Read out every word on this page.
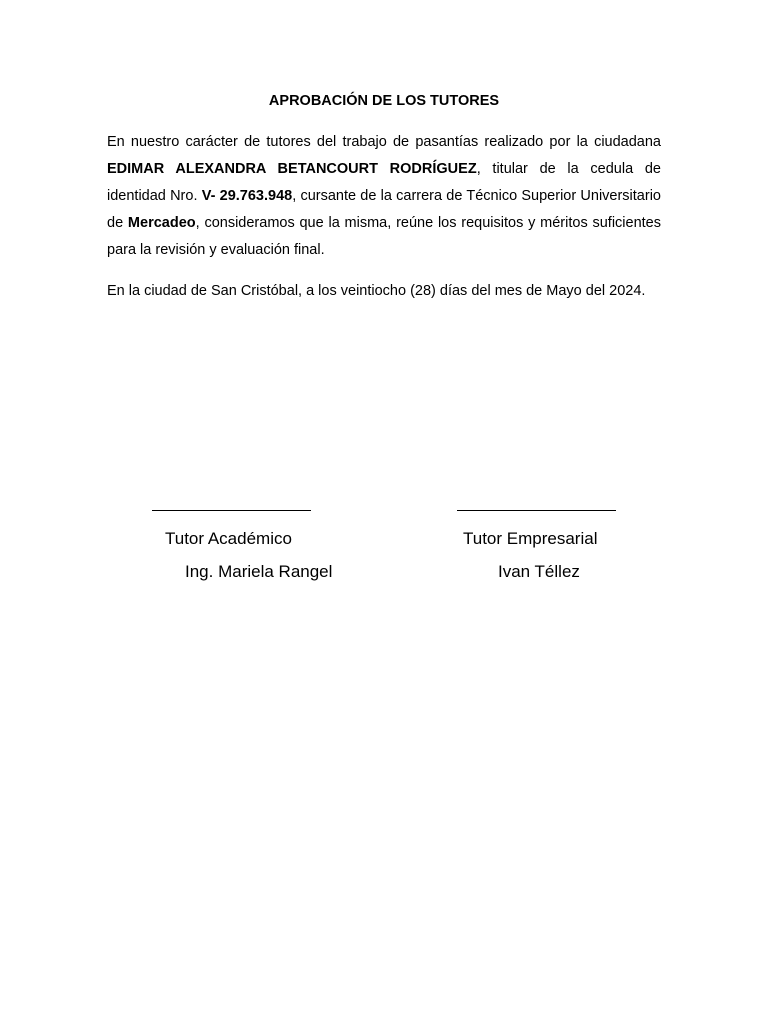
APROBACIÓN DE LOS TUTORES

En nuestro carácter de tutores del trabajo de pasantías realizado por la ciudadana EDIMAR ALEXANDRA BETANCOURT RODRÍGUEZ, titular de la cedula de identidad Nro. V- 29.763.948, cursante de la carrera de Técnico Superior Universitario de Mercadeo, consideramos que la misma, reúne los requisitos y méritos suficientes para la revisión y evaluación final.

En la ciudad de San Cristóbal, a los veintiocho (28) días del mes de Mayo del 2024.

Tutor Académico
Ing. Mariela Rangel
Tutor Empresarial
Ivan Téllez
